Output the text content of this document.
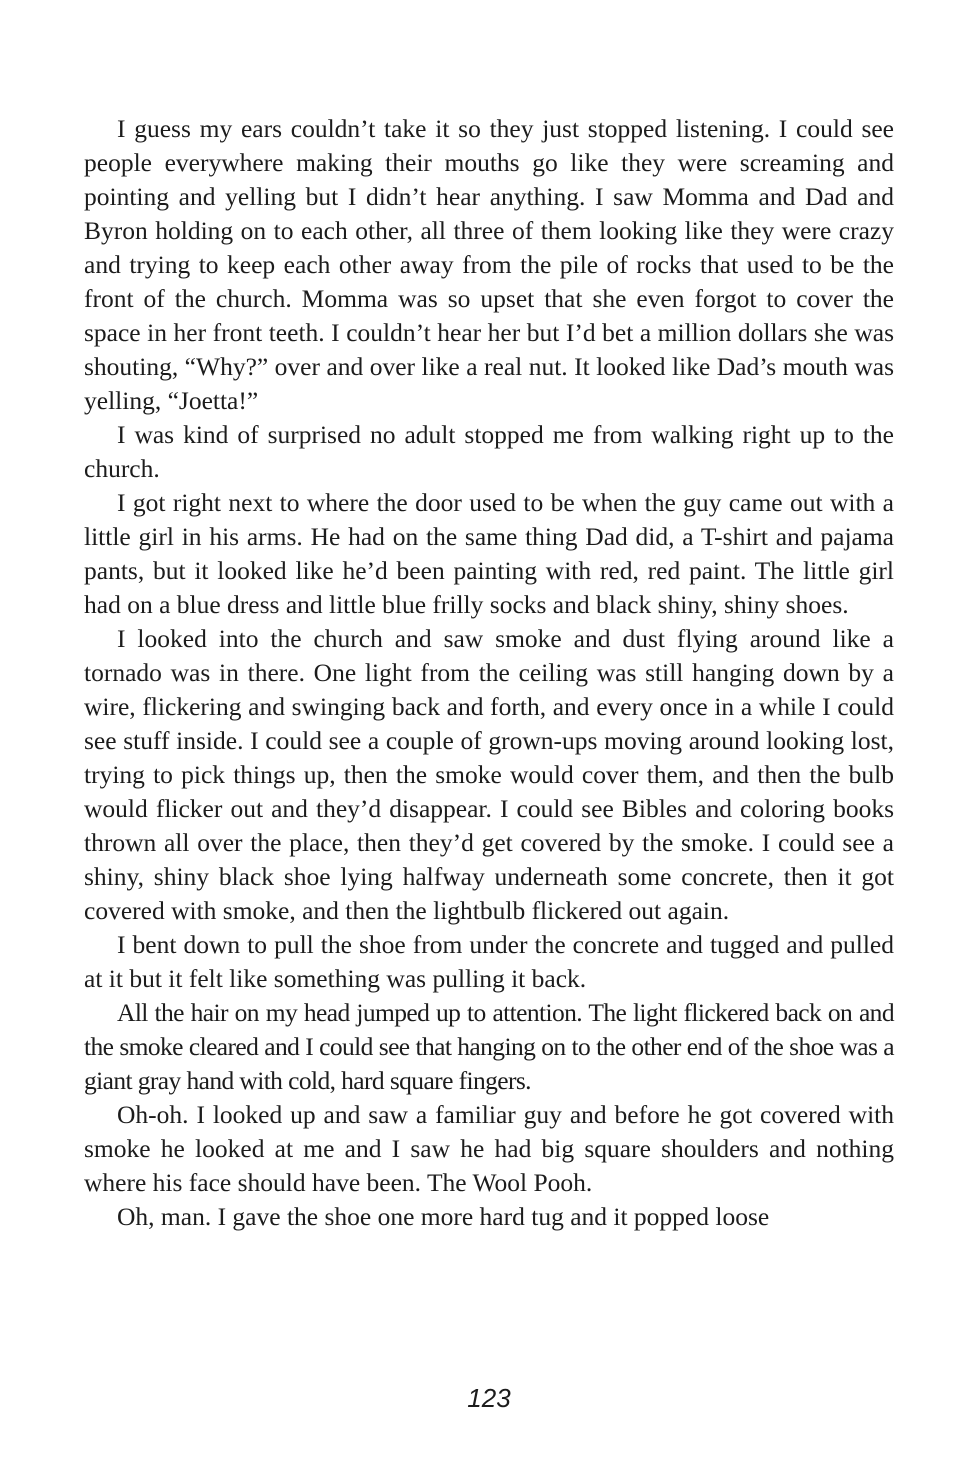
I guess my ears couldn’t take it so they just stopped listening. I could see people everywhere making their mouths go like they were screaming and pointing and yelling but I didn’t hear anything. I saw Momma and Dad and Byron holding on to each other, all three of them looking like they were crazy and trying to keep each other away from the pile of rocks that used to be the front of the church. Momma was so upset that she even forgot to cover the space in her front teeth. I couldn’t hear her but I’d bet a million dollars she was shouting, “Why?” over and over like a real nut. It looked like Dad’s mouth was yelling, “Joetta!”

I was kind of surprised no adult stopped me from walking right up to the church.

I got right next to where the door used to be when the guy came out with a little girl in his arms. He had on the same thing Dad did, a T-shirt and pajama pants, but it looked like he’d been painting with red, red paint. The little girl had on a blue dress and little blue frilly socks and black shiny, shiny shoes.

I looked into the church and saw smoke and dust flying around like a tornado was in there. One light from the ceiling was still hanging down by a wire, flickering and swinging back and forth, and every once in a while I could see stuff inside. I could see a couple of grown-ups moving around looking lost, trying to pick things up, then the smoke would cover them, and then the bulb would flicker out and they’d disappear. I could see Bibles and coloring books thrown all over the place, then they’d get covered by the smoke. I could see a shiny, shiny black shoe lying halfway underneath some concrete, then it got covered with smoke, and then the lightbulb flickered out again.

I bent down to pull the shoe from under the concrete and tugged and pulled at it but it felt like something was pulling it back.

All the hair on my head jumped up to attention. The light flickered back on and the smoke cleared and I could see that hanging on to the other end of the shoe was a giant gray hand with cold, hard square fingers.

Oh-oh. I looked up and saw a familiar guy and before he got covered with smoke he looked at me and I saw he had big square shoulders and nothing where his face should have been. The Wool Pooh.

Oh, man. I gave the shoe one more hard tug and it popped loose

123
